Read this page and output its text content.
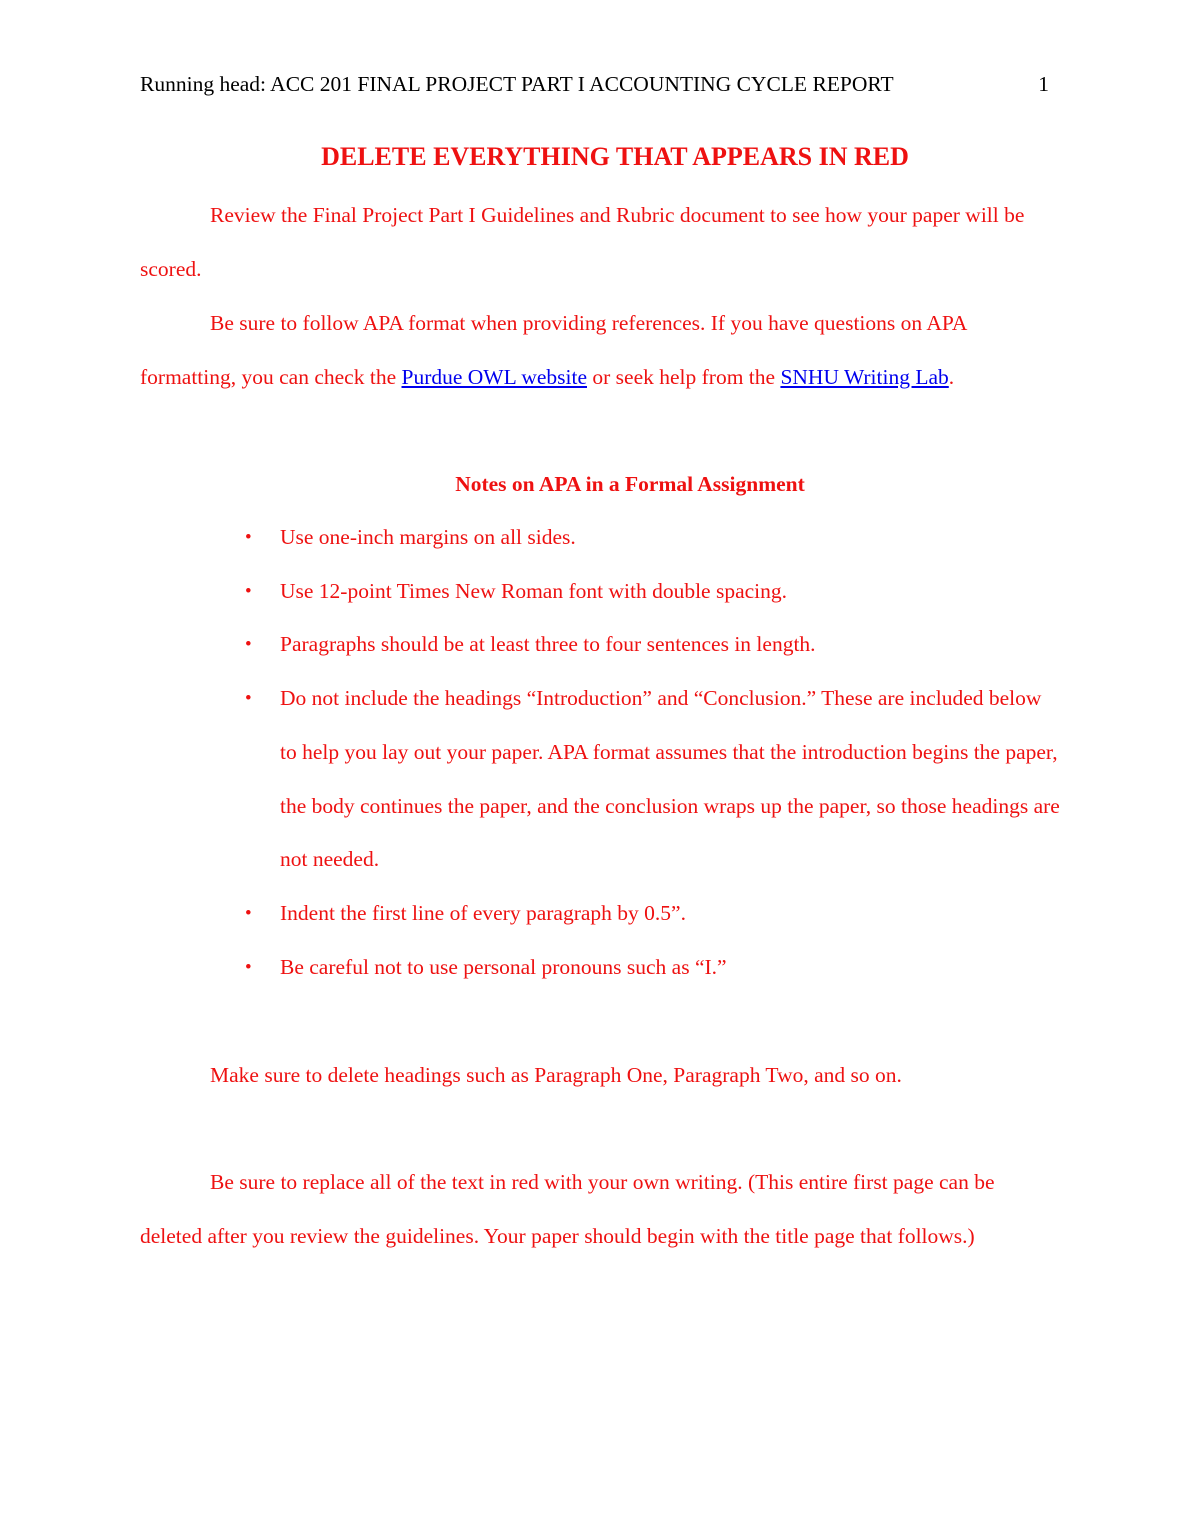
Running head: ACC 201 FINAL PROJECT PART I ACCOUNTING CYCLE REPORT	1
DELETE EVERYTHING THAT APPEARS IN RED

Review the Final Project Part I Guidelines and Rubric document to see how your paper will be scored.

Be sure to follow APA format when providing references. If you have questions on APA formatting, you can check the Purdue OWL website or seek help from the SNHU Writing Lab.

Notes on APA in a Formal Assignment
• Use one-inch margins on all sides.
• Use 12-point Times New Roman font with double spacing.
• Paragraphs should be at least three to four sentences in length.
• Do not include the headings “Introduction” and “Conclusion.” These are included below to help you lay out your paper. APA format assumes that the introduction begins the paper, the body continues the paper, and the conclusion wraps up the paper, so those headings are not needed.
• Indent the first line of every paragraph by 0.5”.
• Be careful not to use personal pronouns such as “I.”

Make sure to delete headings such as Paragraph One, Paragraph Two, and so on.

Be sure to replace all of the text in red with your own writing. (This entire first page can be deleted after you review the guidelines. Your paper should begin with the title page that follows.)
